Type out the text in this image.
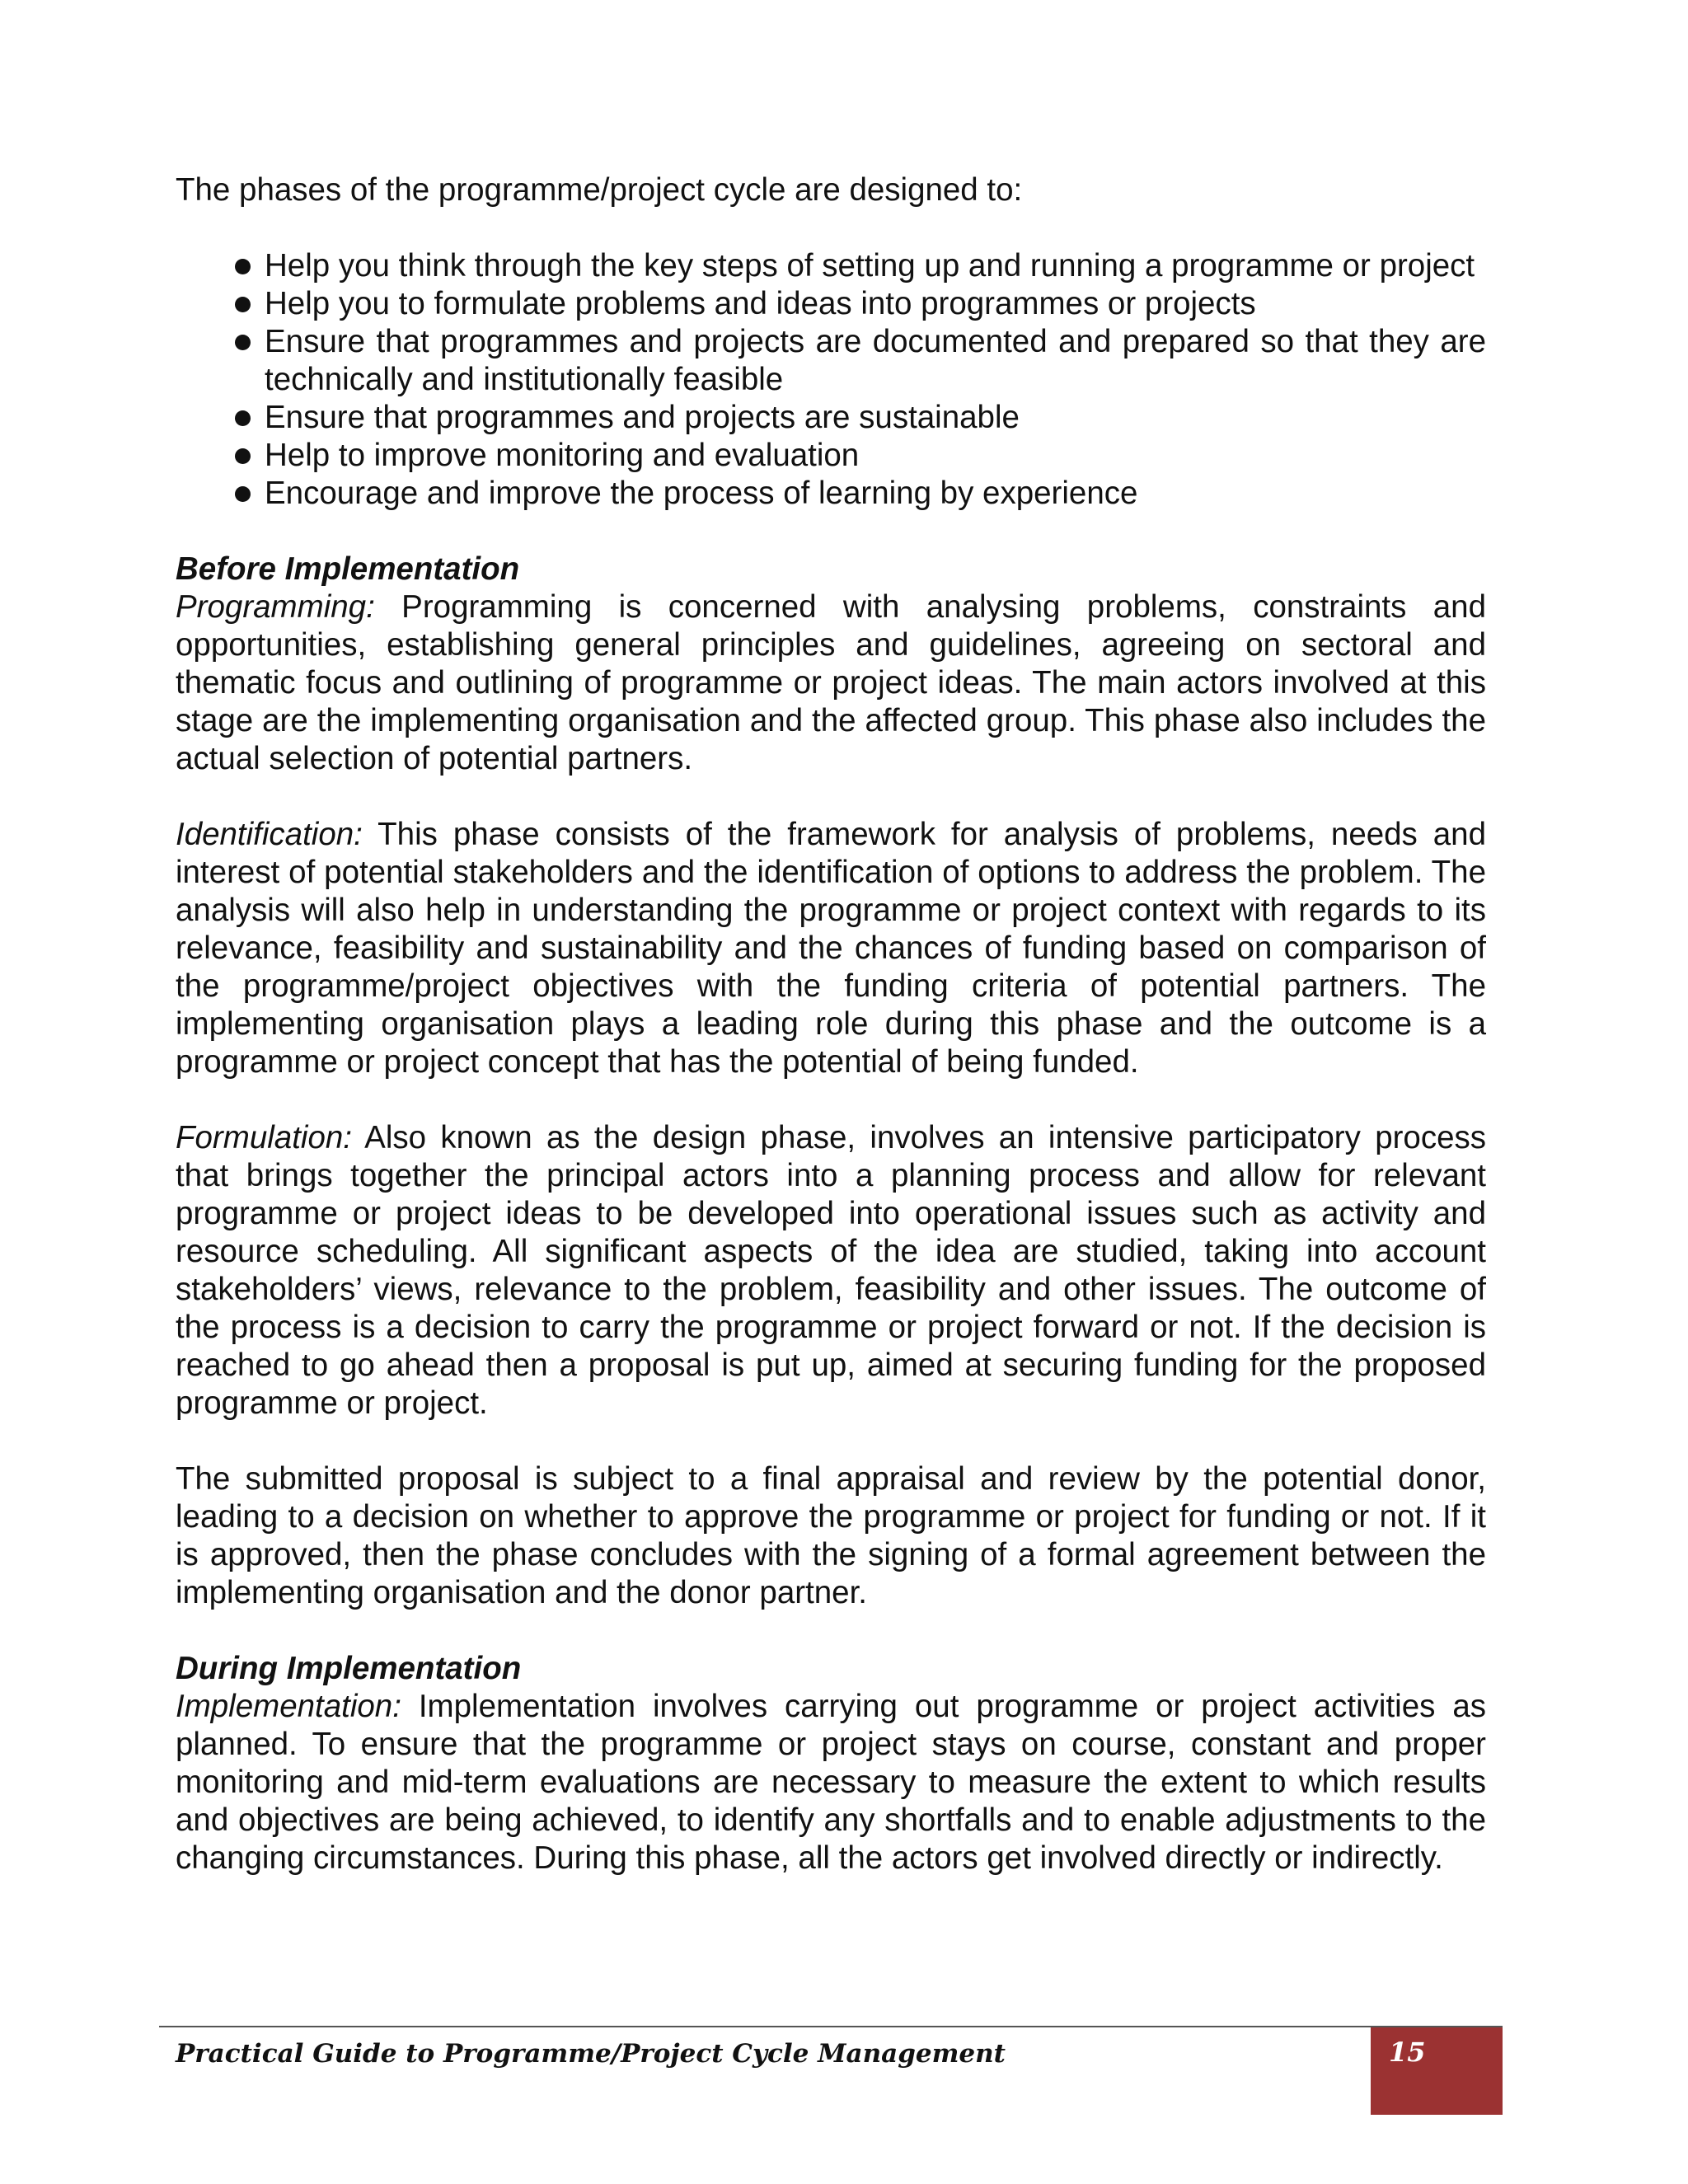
The phases of the programme/project cycle are designed to:

Help you think through the key steps of setting up and running a programme or project
Help you to formulate problems and ideas into programmes or projects
Ensure that programmes and projects are documented and prepared so that they are technically and institutionally feasible
Ensure that programmes and projects are sustainable
Help to improve monitoring and evaluation
Encourage and improve the process of learning by experience

Before Implementation

Programming: Programming is concerned with analysing problems, constraints and opportunities, establishing general principles and guidelines, agreeing on sectoral and thematic focus and outlining of programme or project ideas. The main actors involved at this stage are the implementing organisation and the affected group. This phase also includes the actual selection of potential partners.

Identification: This phase consists of the framework for analysis of problems, needs and interest of potential stakeholders and the identification of options to address the problem. The analysis will also help in understanding the programme or project context with regards to its relevance, feasibility and sustainability and the chances of funding based on comparison of the programme/project objectives with the funding criteria of potential partners. The implementing organisation plays a leading role during this phase and the outcome is a programme or project concept that has the potential of being funded.

Formulation: Also known as the design phase, involves an intensive participatory process that brings together the principal actors into a planning process and allow for relevant programme or project ideas to be developed into operational issues such as activity and resource scheduling. All significant aspects of the idea are studied, taking into account stakeholders’ views, relevance to the problem, feasibility and other issues. The outcome of the process is a decision to carry the programme or project forward or not. If the decision is reached to go ahead then a proposal is put up, aimed at securing funding for the proposed programme or project.

The submitted proposal is subject to a final appraisal and review by the potential donor, leading to a decision on whether to approve the programme or project for funding or not. If it is approved, then the phase concludes with the signing of a formal agreement between the implementing organisation and the donor partner.

During Implementation

Implementation: Implementation involves carrying out programme or project activities as planned. To ensure that the programme or project stays on course, constant and proper monitoring and mid-term evaluations are necessary to measure the extent to which results and objectives are being achieved, to identify any shortfalls and to enable adjustments to the changing circumstances. During this phase, all the actors get involved directly or indirectly.

Practical Guide to Programme/Project Cycle Management	15
